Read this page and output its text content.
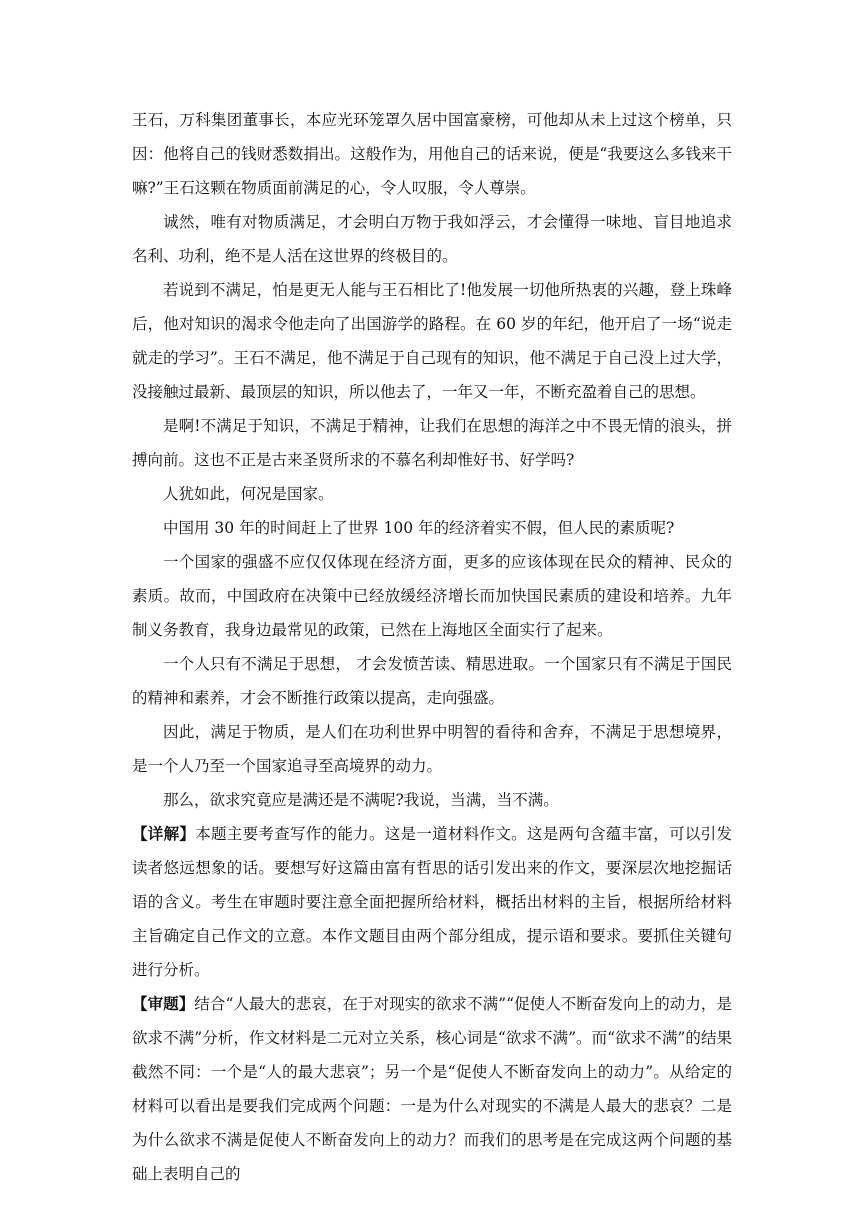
王石，万科集团董事长，本应光环笼罩久居中国富豪榜，可他却从未上过这个榜单，只因：他将自己的钱财悉数捐出。这般作为，用他自己的话来说，便是“我要这么多钱来干嘛?”王石这颗在物质面前满足的心，令人叹服，令人尊崇。

诚然，唯有对物质满足，才会明白万物于我如浮云，才会懂得一味地、盲目地追求名利、功利，绝不是人活在这世界的终极目的。

若说到不满足，怕是更无人能与王石相比了!他发展一切他所热衷的兴趣，登上珠峰后，他对知识的渴求令他走向了出国游学的路程。在 60 岁的年纪，他开启了一场“说走就走的学习”。王石不满足，他不满足于自己现有的知识，他不满足于自己没上过大学，没接触过最新、最顶层的知识，所以他去了，一年又一年，不断充盈着自己的思想。

是啊!不满足于知识，不满足于精神，让我们在思想的海洋之中不畏无情的浪头，拼搏向前。这也不正是古来圣贤所求的不慕名利却惟好书、好学吗?

人犹如此，何况是国家。

中国用 30 年的时间赶上了世界 100 年的经济着实不假，但人民的素质呢?

一个国家的强盛不应仅仅体现在经济方面，更多的应该体现在民众的精神、民众的素质。故而，中国政府在决策中已经放缓经济增长而加快国民素质的建设和培养。九年制义务教育，我身边最常见的政策，已然在上海地区全面实行了起来。

一个人只有不满足于思想， 才会发愤苦读、精思进取。一个国家只有不满足于国民的精神和素养，才会不断推行政策以提高，走向强盛。

因此，满足于物质，是人们在功利世界中明智的看待和舍弃，不满足于思想境界，是一个人乃至一个国家追寻至高境界的动力。

那么，欲求究竟应是满还是不满呢?我说，当满，当不满。

【详解】本题主要考查写作的能力。这是一道材料作文。这是两句含蕴丰富，可以引发读者悠远想象的话。要想写好这篇由富有哲思的话引发出来的作文，要深层次地挖掘话语的含义。考生在审题时要注意全面把握所给材料，概括出材料的主旨，根据所给材料主旨确定自己作文的立意。本作文题目由两个部分组成，提示语和要求。要抓住关键句进行分析。

【审题】结合“人最大的悲哀，在于对现实的欲求不满”“促使人不断奋发向上的动力，是欲求不满”分析，作文材料是二元对立关系，核心词是“欲求不满”。而“欲求不满”的结果截然不同：一个是“人的最大悲哀”；另一个是“促使人不断奋发向上的动力”。从给定的材料可以看出是要我们完成两个问题：一是为什么对现实的不满是人最大的悲哀？二是为什么欲求不满是促使人不断奋发向上的动力？而我们的思考是在完成这两个问题的基础上表明自己的
